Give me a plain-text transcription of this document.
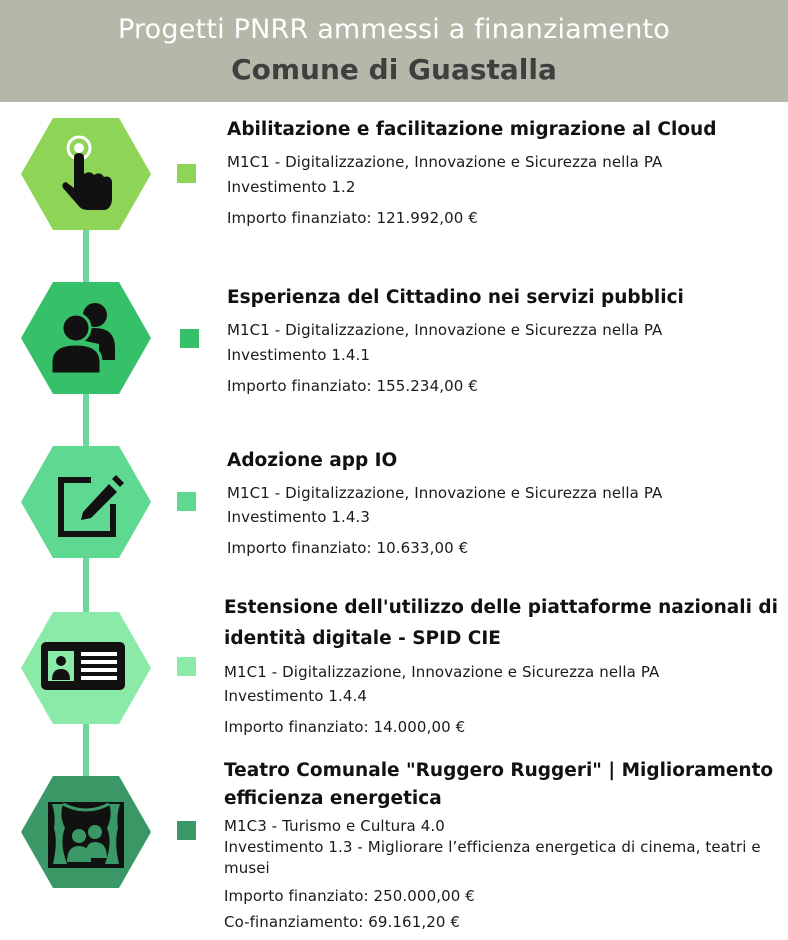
Progetti PNRR ammessi a finanziamento
Comune di Guastalla
Abilitazione e facilitazione migrazione al Cloud
M1C1 - Digitalizzazione, Innovazione e Sicurezza nella PA
Investimento 1.2
Importo finanziato: 121.992,00 €
Esperienza del Cittadino nei servizi pubblici
M1C1 - Digitalizzazione, Innovazione e Sicurezza nella PA
Investimento 1.4.1
Importo finanziato: 155.234,00 €
Adozione app IO
M1C1 - Digitalizzazione, Innovazione e Sicurezza nella PA
Investimento 1.4.3
Importo finanziato: 10.633,00 €
Estensione dell'utilizzo delle piattaforme nazionali di
identità digitale - SPID CIE
M1C1 - Digitalizzazione, Innovazione e Sicurezza nella PA
Investimento 1.4.4
Importo finanziato: 14.000,00 €
Teatro Comunale "Ruggero Ruggeri" | Miglioramento
efficienza energetica
M1C3 - Turismo e Cultura 4.0
Investimento 1.3 - Migliorare l’efficienza energetica di cinema, teatri e
musei
Importo finanziato: 250.000,00 €
Co-finanziamento: 69.161,20 €
